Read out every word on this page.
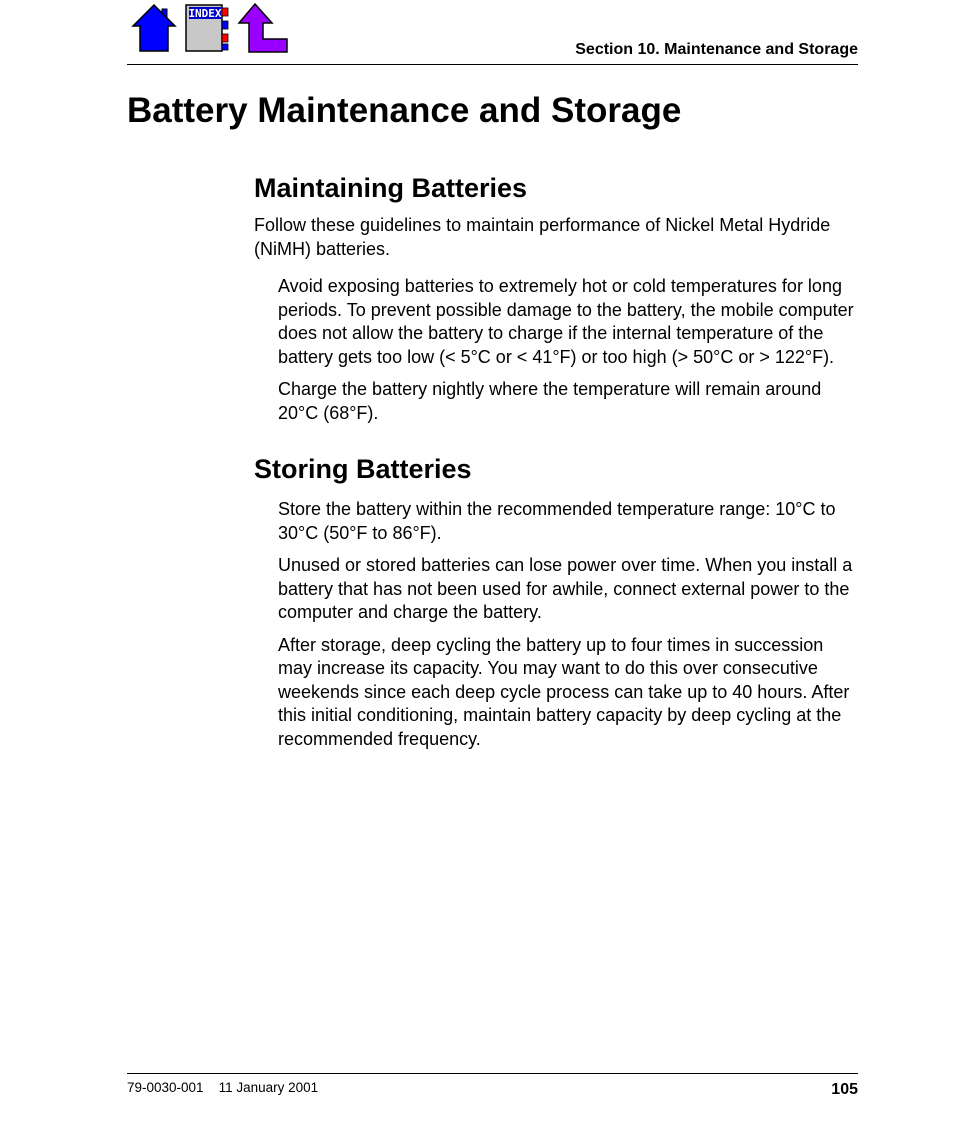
INDEX
Section 10. Maintenance and Storage
Battery Maintenance and Storage
Maintaining Batteries

Follow these guidelines to maintain performance of Nickel Metal Hydride (NiMH) batteries.

Avoid exposing batteries to extremely hot or cold temperatures for long periods. To prevent possible damage to the battery, the mobile computer does not allow the battery to charge if the internal temperature of the battery gets too low (< 5°C or < 41°F) or too high (> 50°C or > 122°F).
Charge the battery nightly where the temperature will remain around 20°C (68°F).
Storing Batteries
Store the battery within the recommended temperature range: 10°C to 30°C (50°F to 86°F).
Unused or stored batteries can lose power over time. When you install a battery that has not been used for awhile, connect external power to the computer and charge the battery.
After storage, deep cycling the battery up to four times in succession may increase its capacity. You may want to do this over consecutive weekends since each deep cycle process can take up to 40 hours. After this initial conditioning, maintain battery capacity by deep cycling at the recommended frequency.
79-0030-001    11 January 2001	105
